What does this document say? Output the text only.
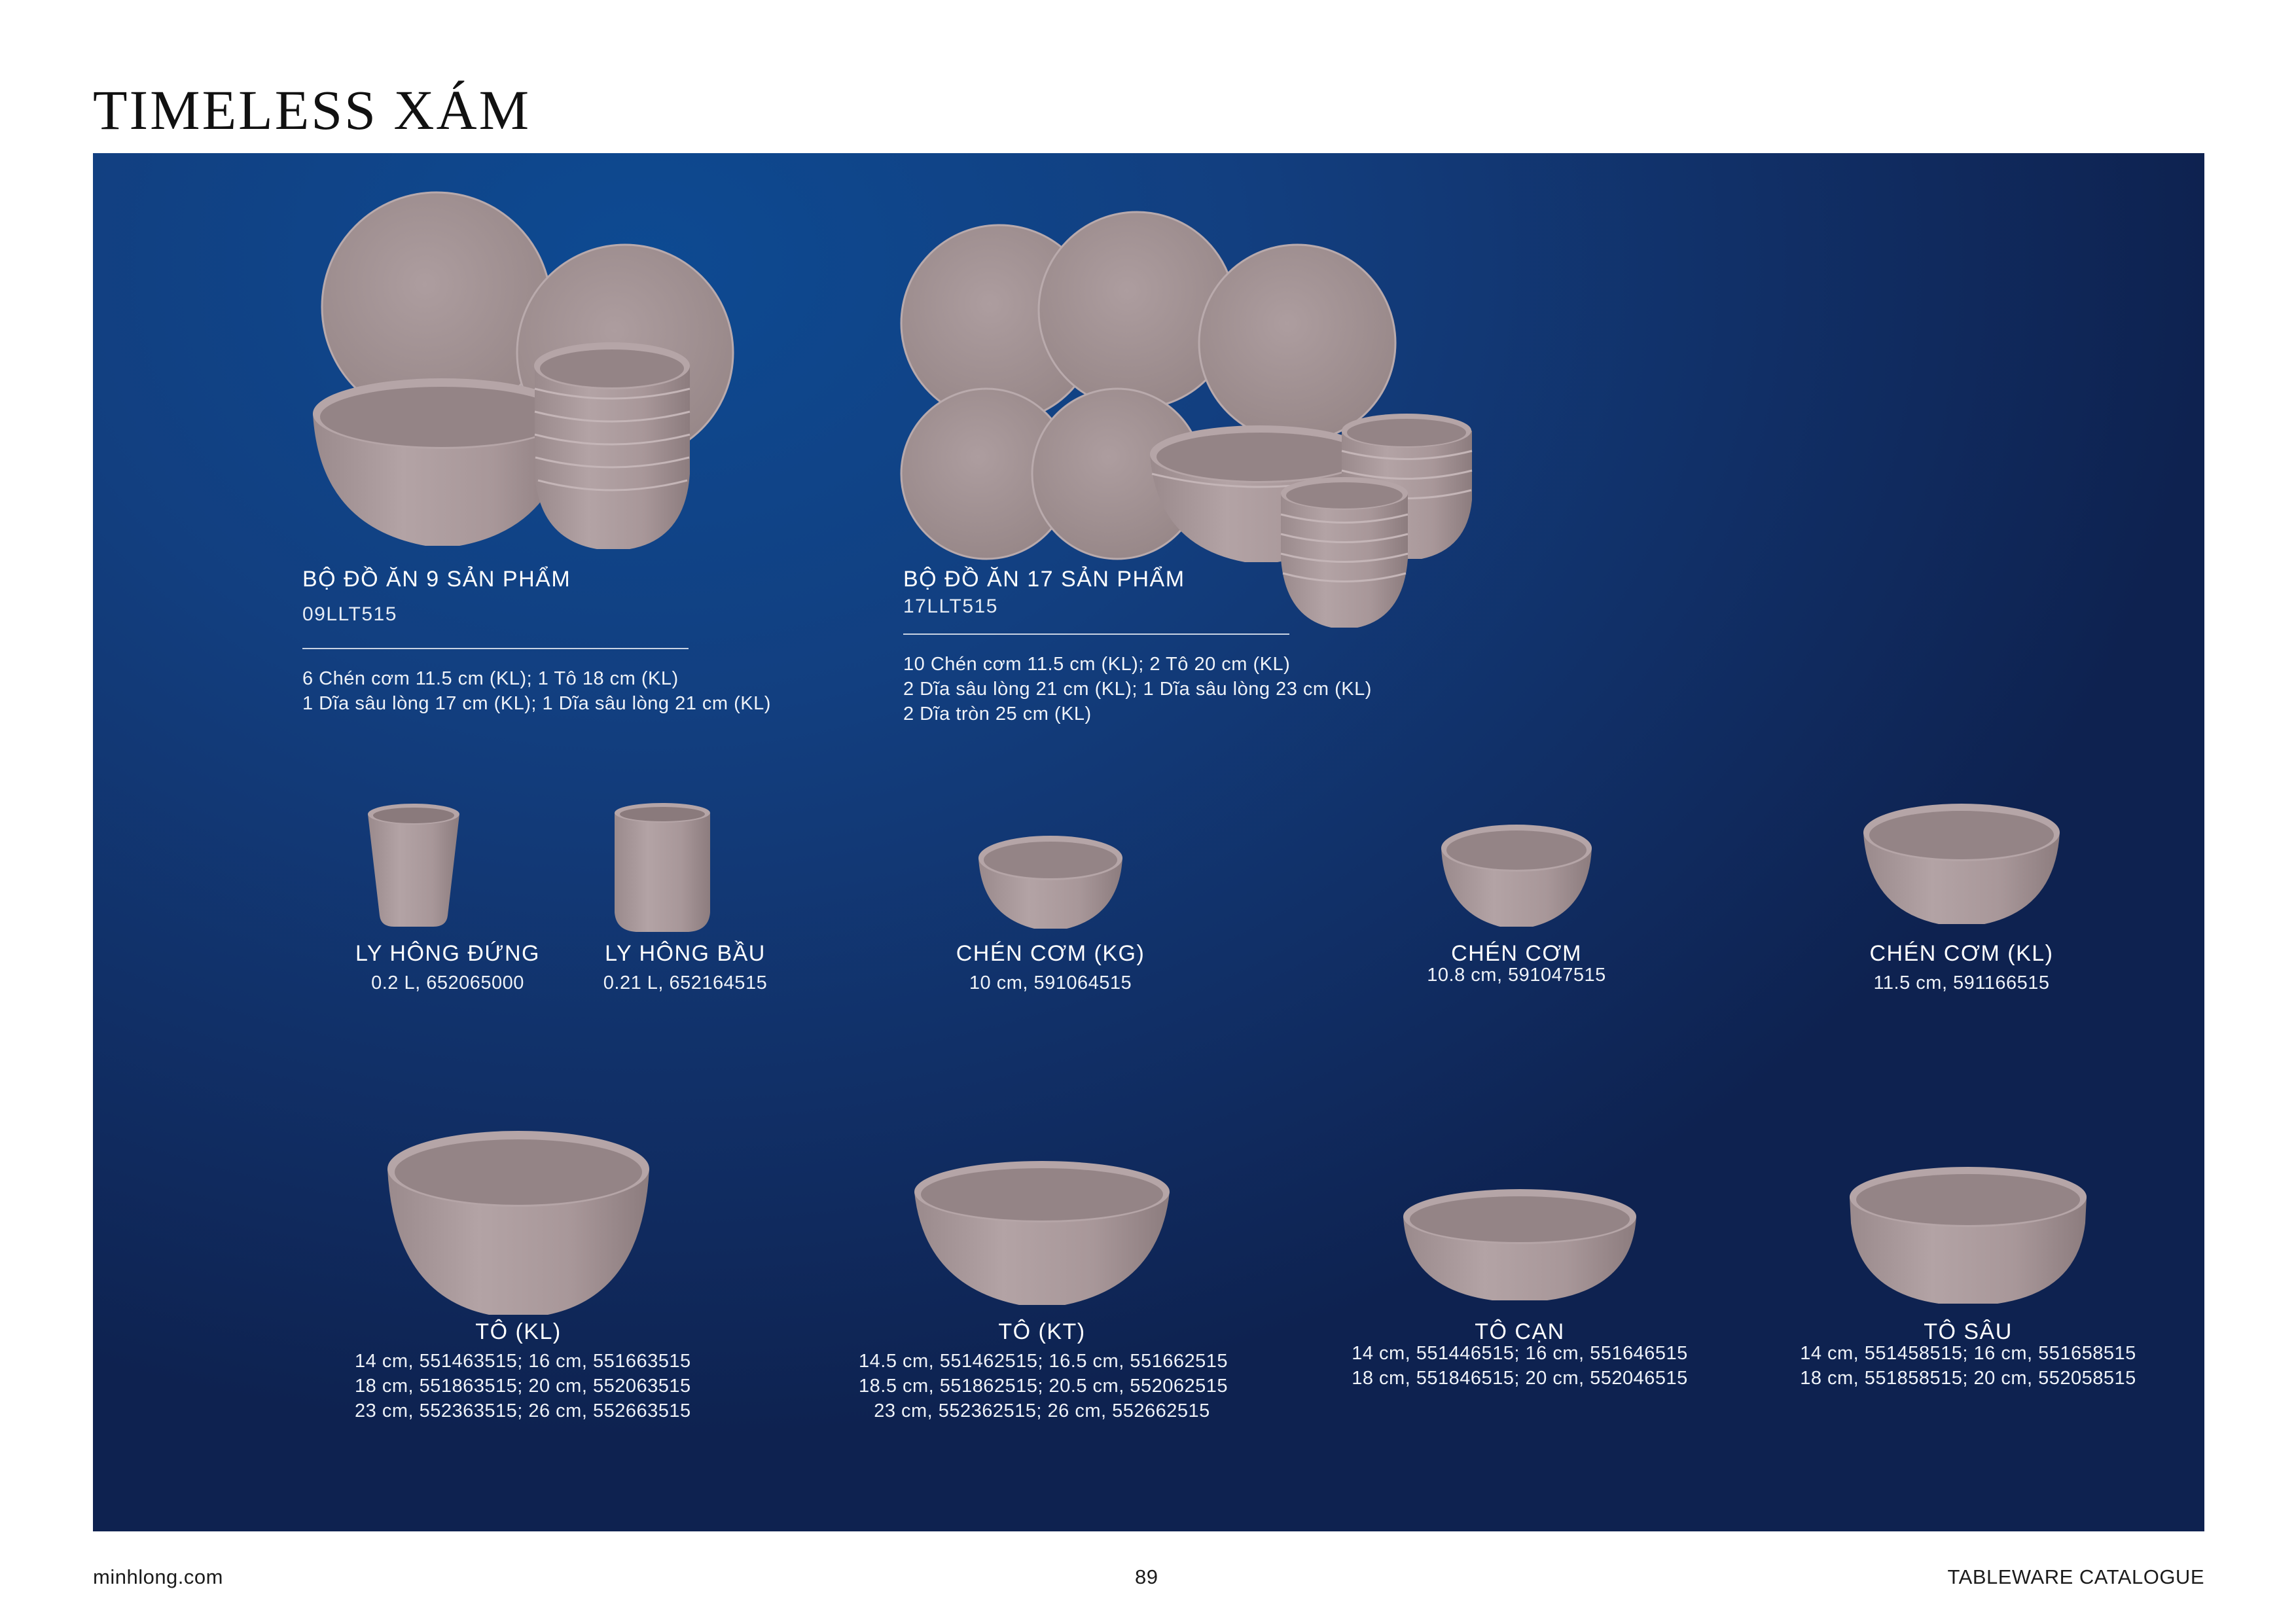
TIMELESS XÁM
BỘ ĐỒ ĂN 9 SẢN PHẨM
09LLT515
6 Chén cơm 11.5 cm (KL); 1 Tô 18 cm (KL)
1 Dĩa sâu lòng 17 cm (KL); 1 Dĩa sâu lòng 21 cm (KL)
BỘ ĐỒ ĂN 17 SẢN PHẨM
17LLT515
10 Chén cơm 11.5 cm (KL); 2 Tô 20 cm (KL)
2 Dĩa sâu lòng 21 cm (KL); 1 Dĩa sâu lòng 23 cm (KL)
2 Dĩa tròn 25 cm (KL)
LY HÔNG ĐỨNG
0.2 L, 652065000
LY HÔNG BẦU
0.21 L, 652164515
CHÉN CƠM (KG)
10 cm, 591064515
CHÉN CƠM
10.8 cm, 591047515
CHÉN CƠM (KL)
11.5 cm, 591166515
TÔ (KL)
14 cm, 551463515; 16 cm, 551663515
18 cm, 551863515; 20 cm, 552063515
23 cm, 552363515; 26 cm, 552663515
TÔ (KT)
14.5 cm, 551462515; 16.5 cm, 551662515
18.5 cm, 551862515; 20.5 cm, 552062515
23 cm, 552362515; 26 cm, 552662515
TÔ CẠN
14 cm, 551446515; 16 cm, 551646515
18 cm, 551846515; 20 cm, 552046515
TÔ SÂU
14 cm, 551458515; 16 cm, 551658515
18 cm, 551858515; 20 cm, 552058515
minhlong.com	89	TABLEWARE CATALOGUE
